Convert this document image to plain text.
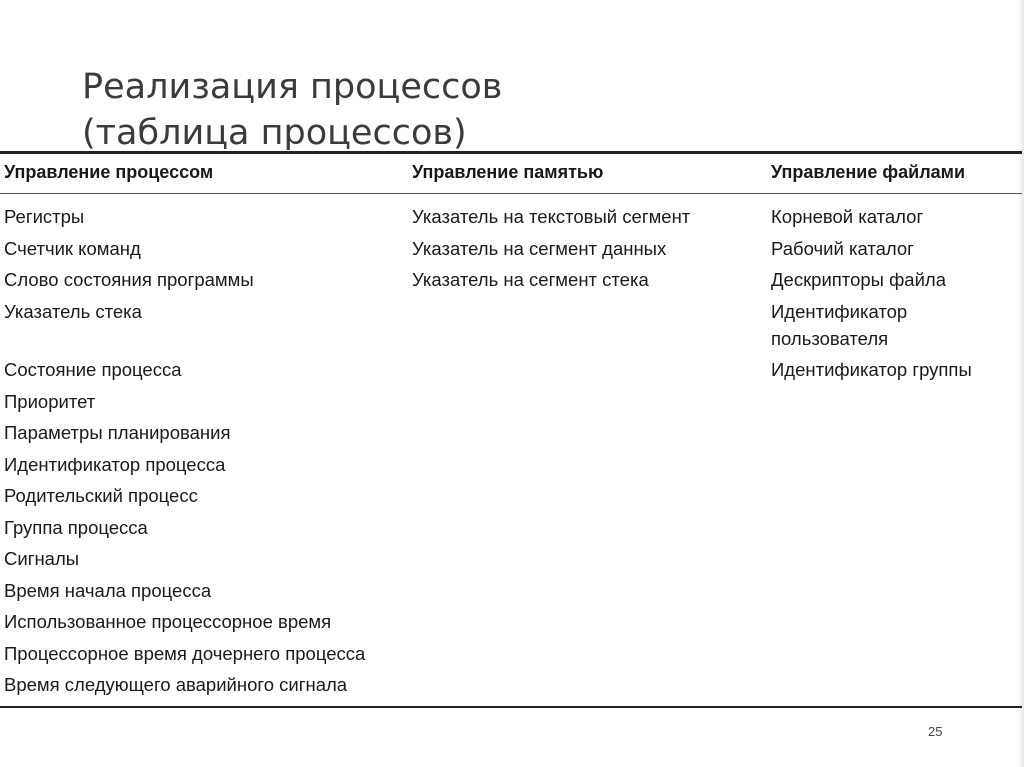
Реализация процессов
(таблица процессов)
Управление процессом	Управление памятью	Управление файлами
Регистры
Счетчик команд
Слово состояния программы
Указатель стека
Состояние процесса
Приоритет
Параметры планирования
Идентификатор процесса
Родительский процесс
Группа процесса
Сигналы
Время начала процесса
Использованное процессорное время
Процессорное время дочернего процесса
Время следующего аварийного сигнала
Указатель на текстовый сегмент
Указатель на сегмент данных
Указатель на сегмент стека
Корневой каталог
Рабочий каталог
Дескрипторы файла
Идентификатор пользователя
Идентификатор группы
25
